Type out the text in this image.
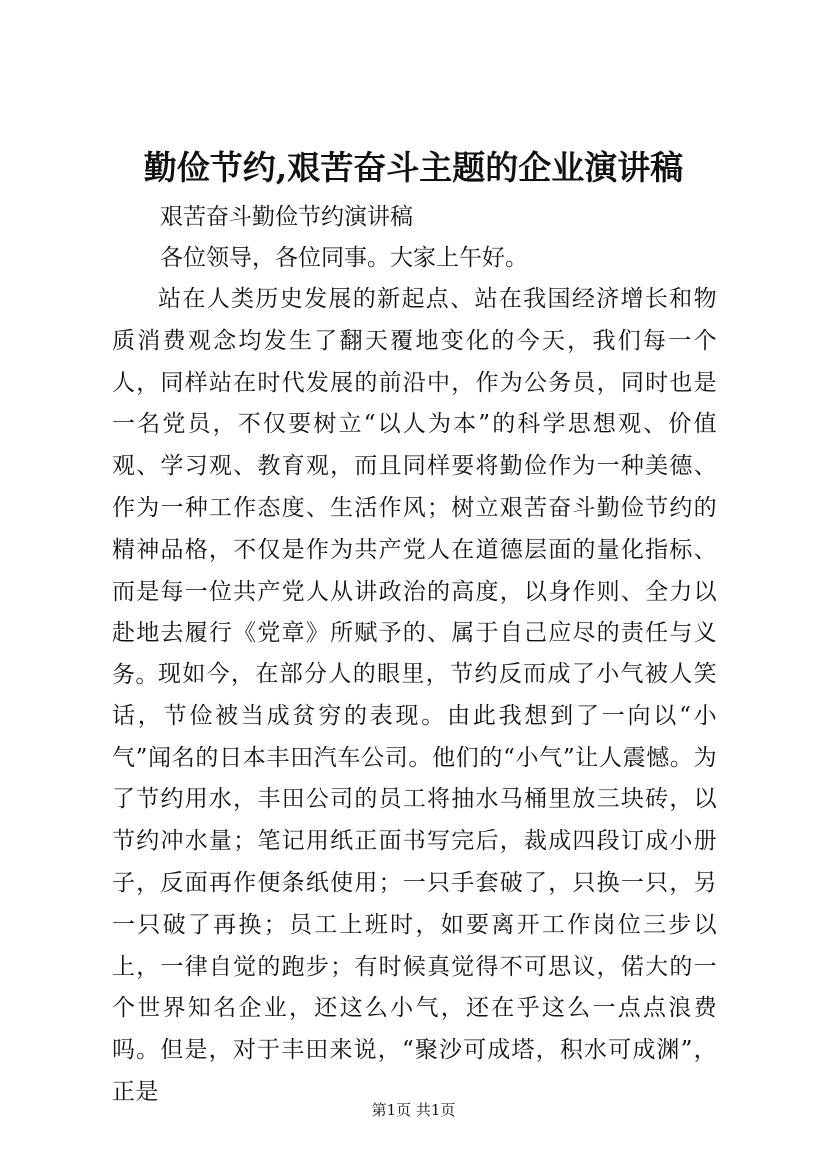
勤俭节约,艰苦奋斗主题的企业演讲稿
艰苦奋斗勤俭节约演讲稿
各位领导，各位同事。大家上午好。

站在人类历史发展的新起点、站在我国经济增长和物质消费观念均发生了翻天覆地变化的今天，我们每一个人，同样站在时代发展的前沿中，作为公务员，同时也是一名党员，不仅要树立“以人为本”的科学思想观、价值观、学习观、教育观，而且同样要将勤俭作为一种美德、作为一种工作态度、生活作风；树立艰苦奋斗勤俭节约的精神品格，不仅是作为共产党人在道德层面的量化指标、而是每一位共产党人从讲政治的高度，以身作则、全力以赴地去履行《党章》所赋予的、属于自己应尽的责任与义务。 现如今，在部分人的眼里，节约反而成了小气被人笑话，节俭被当成贫穷的表现。由此我想到了一向以“小气”闻名的日本丰田汽车公司。他们的“小气”让人震憾。为了节约用水，丰田公司的员工将抽水马桶里放三块砖，以节约冲水量；笔记用纸正面书写完后，裁成四段订成小册子，反面再作便条纸使用；一只手套破了，只换一只，另一只破了再换；员工上班时，如要离开工作岗位三步以上，一律自觉的跑步；有时候真觉得不可思议，偌大的一个世界知名企业，还这么小气，还在乎这么一点点浪费吗。但是，对于丰田来说，“聚沙可成塔，积水可成渊”，正是

第1页 共1页
